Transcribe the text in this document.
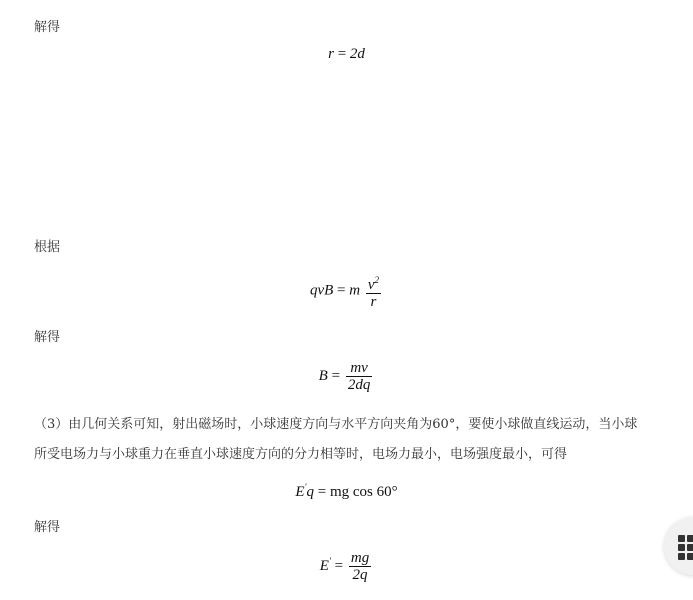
解得
r = 2d
根据
qvB = m $\frac{v^2}{r}$
解得
$B = \frac{mv}{2dq}$
（3）由几何关系可知，射出磁场时，小球速度方向与水平方向夹角为60°，要使小球做直线运动，当小球
所受电场力与小球重力在垂直小球速度方向的分力相等时，电场力最小，电场强度最小，可得
E'q = mg cos 60°
解得
$E' = \frac{mg}{2q}$
